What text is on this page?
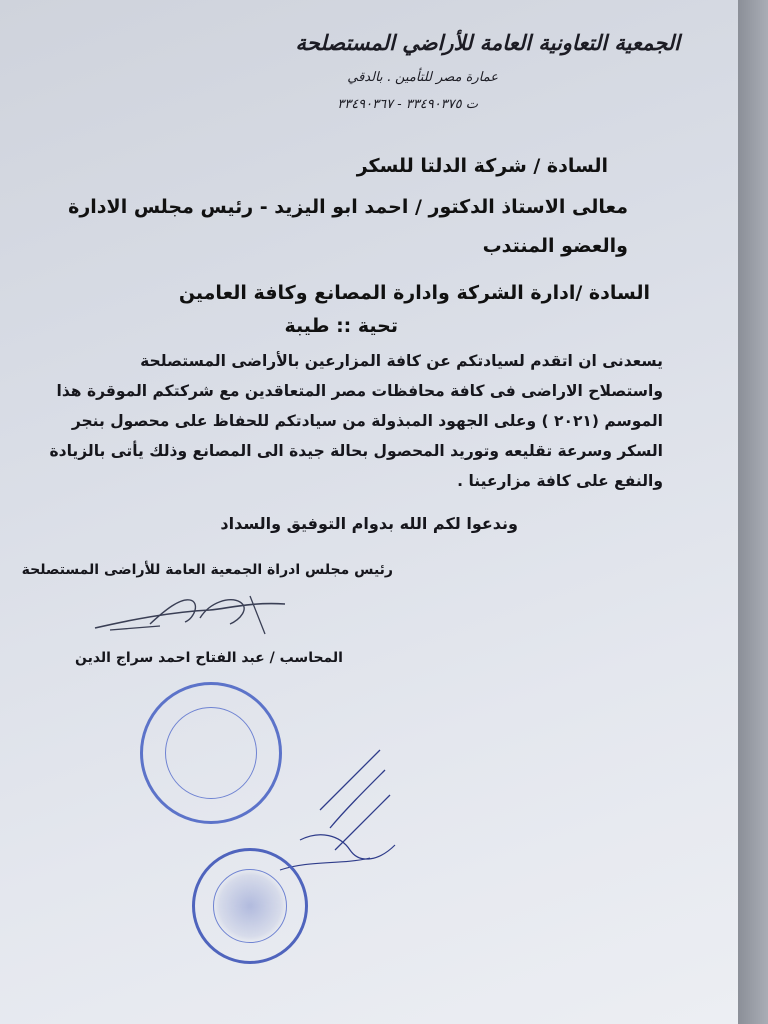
الجمعية التعاونية العامة للأراضي المستصلحة
عمارة مصر للتأمين . بالدقي
ت ٣٣٤٩٠٣٧٥ - ٣٣٤٩٠٣٦٧
السادة / شركة الدلتا للسكر
معالى الاستاذ الدكتور / احمد ابو اليزيد - رئيس مجلس الادارة
والعضو المنتدب
السادة /ادارة الشركة وادارة المصانع وكافة العامين
تحية :: طيبة
يسعدنى ان اتقدم لسيادتكم عن كافة المزارعين بالأراضى المستصلحة
واستصلاح الاراضى فى كافة محافظات مصر المتعاقدين مع شركتكم الموقرة هذا
الموسم (٢٠٢١ ) وعلى الجهود المبذولة من سيادتكم للحفاظ على محصول بنجر
السكر وسرعة تقليعه وتوريد المحصول بحالة جيدة الى المصانع وذلك يأتى بالزيادة
والنفع على كافة مزارعينا .
وندعوا لكم الله بدوام التوفيق والسداد
رئيس مجلس ادراة الجمعية العامة للأراضى المستصلحة
المحاسب / عبد الفتاح احمد سراج الدين
